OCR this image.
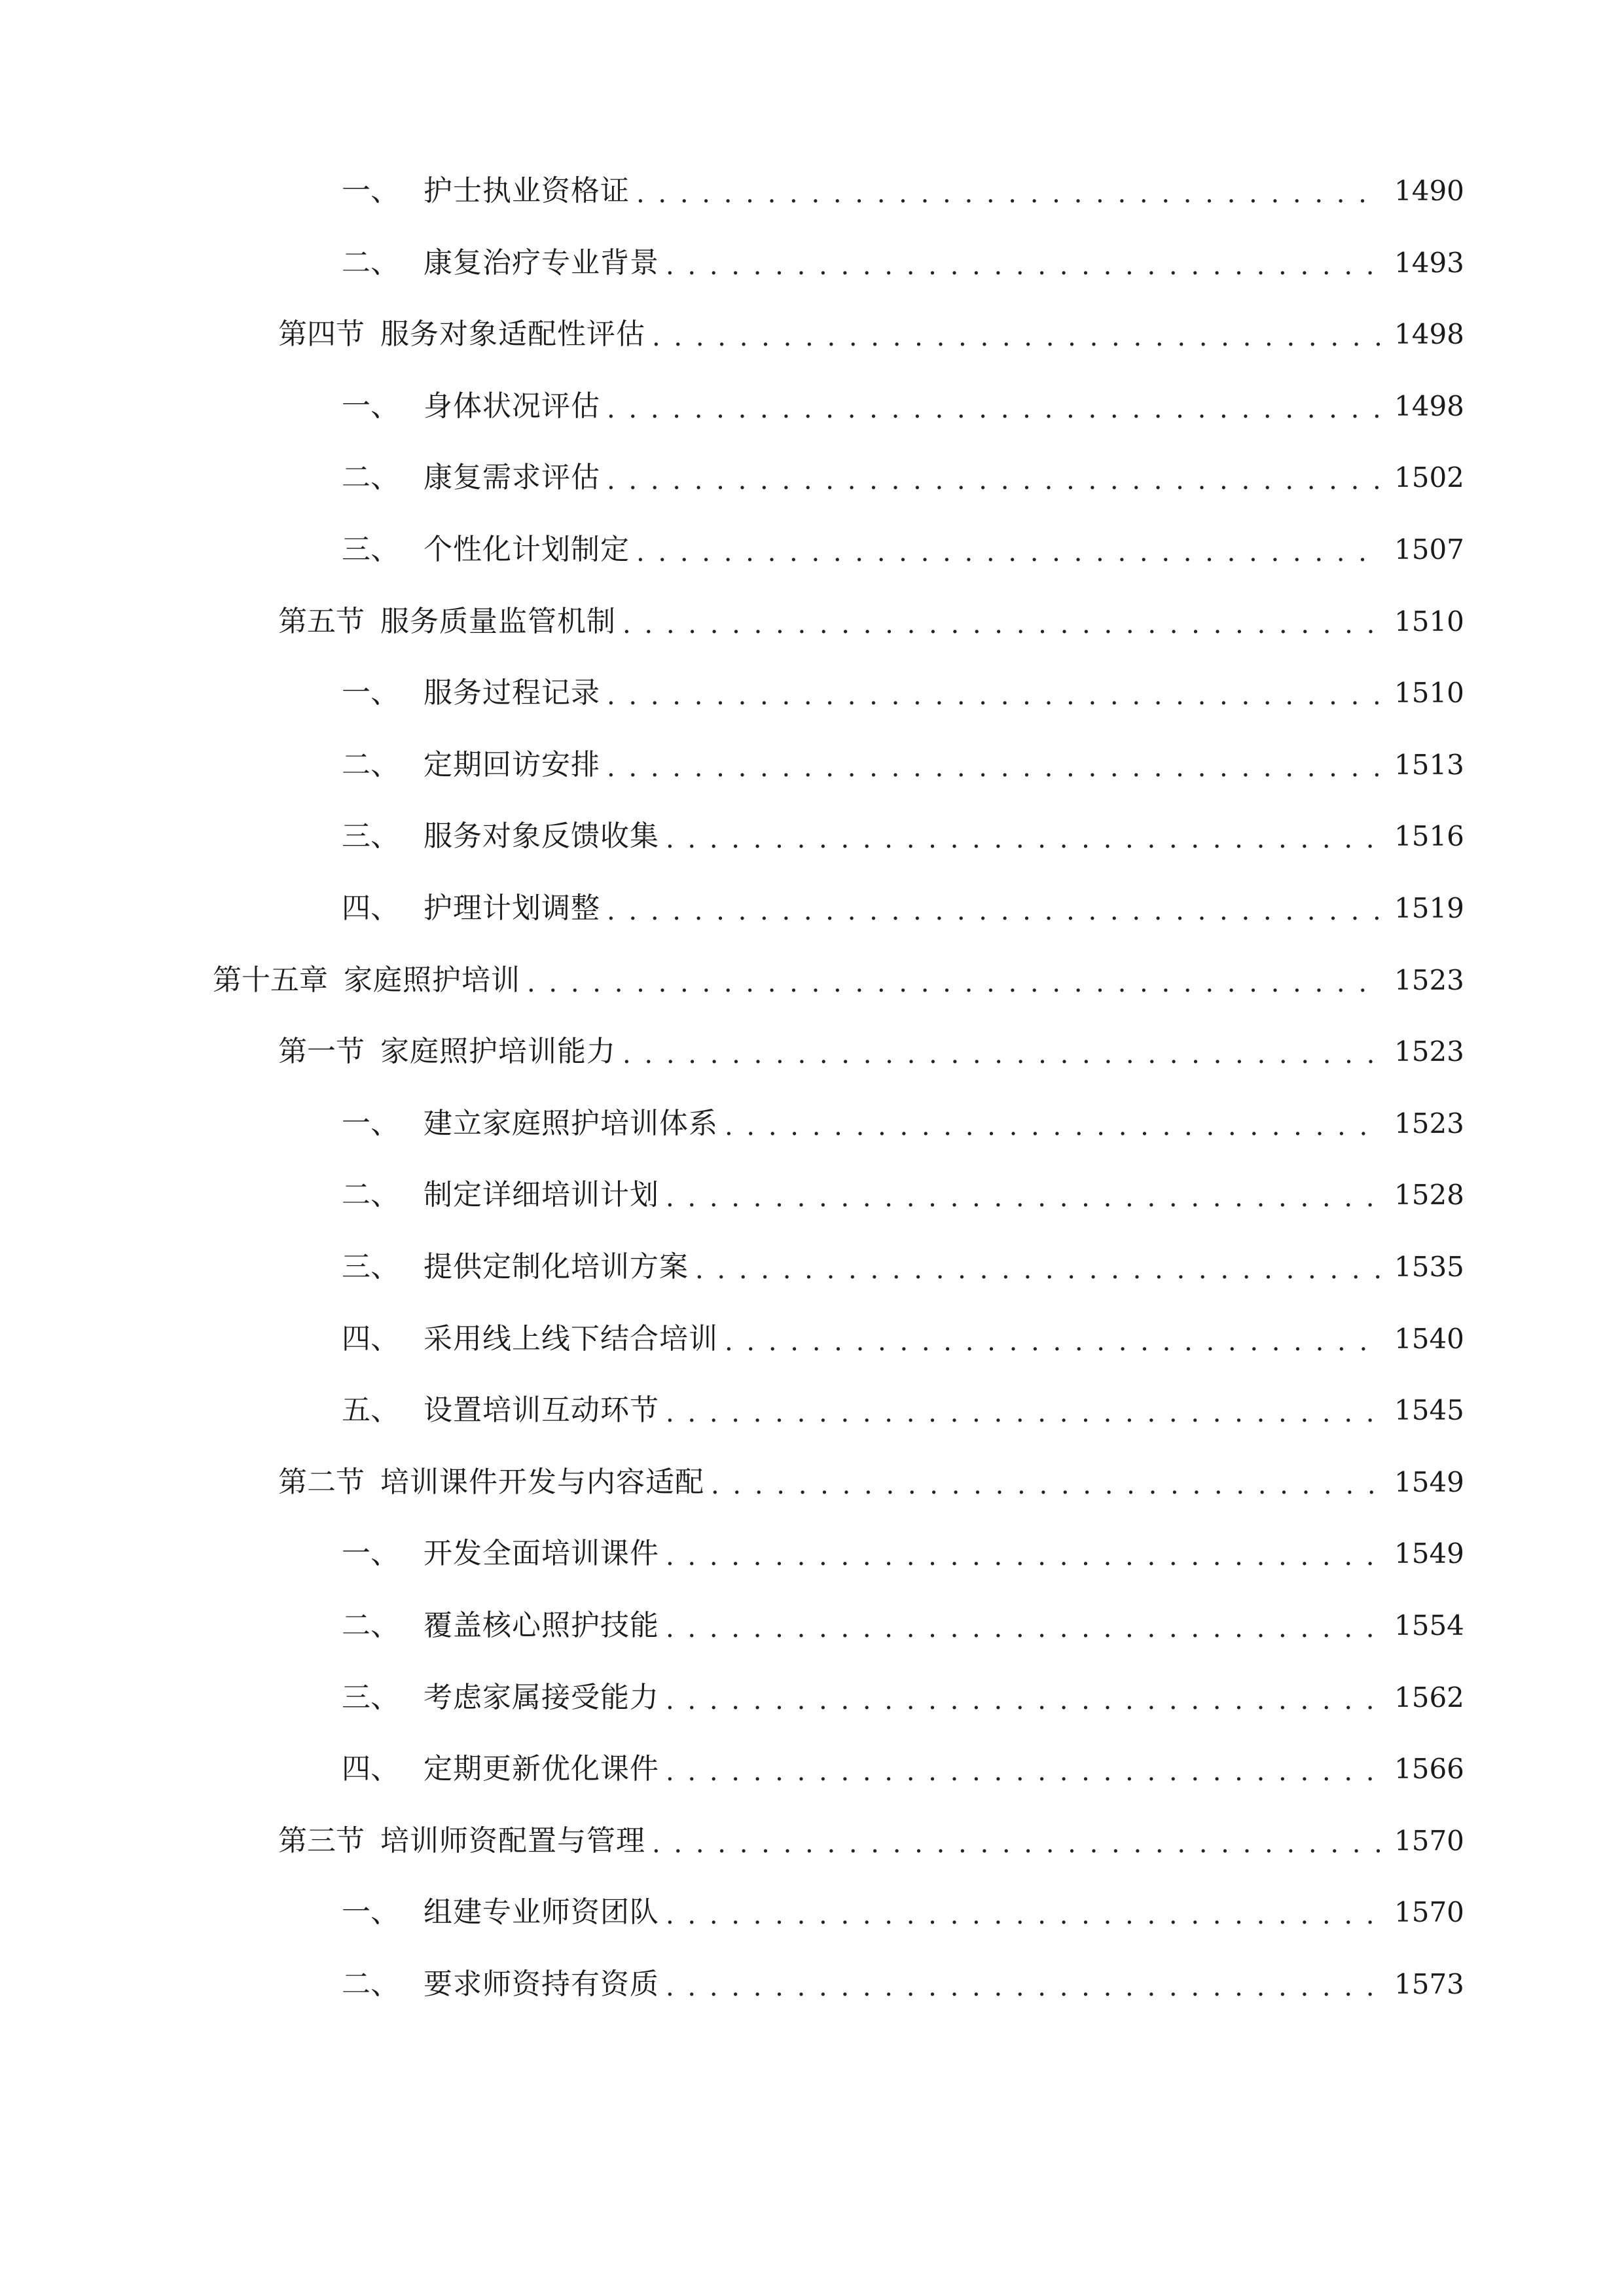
一、 护士执业资格证 . . .	1490
二、 康复治疗专业背景 . . .	1493
第四节 服务对象适配性评估 . . .	1498
一、 身体状况评估 . . .	1498
二、 康复需求评估 . . .	1502
三、 个性化计划制定 . . .	1507
第五节 服务质量监管机制 . . .	1510
一、 服务过程记录 . . .	1510
二、 定期回访安排 . . .	1513
三、 服务对象反馈收集 . . .	1516
四、 护理计划调整 . . .	1519
第十五章 家庭照护培训 . . .	1523
第一节 家庭照护培训能力 . . .	1523
一、 建立家庭照护培训体系 . . .	1523
二、 制定详细培训计划 . . .	1528
三、 提供定制化培训方案 . . .	1535
四、 采用线上线下结合培训 . . .	1540
五、 设置培训互动环节 . . .	1545
第二节 培训课件开发与内容适配 . . .	1549
一、 开发全面培训课件 . . .	1549
二、 覆盖核心照护技能 . . .	1554
三、 考虑家属接受能力 . . .	1562
四、 定期更新优化课件 . . .	1566
第三节 培训师资配置与管理 . . .	1570
一、 组建专业师资团队 . . .	1570
二、 要求师资持有资质 . . .	1573
